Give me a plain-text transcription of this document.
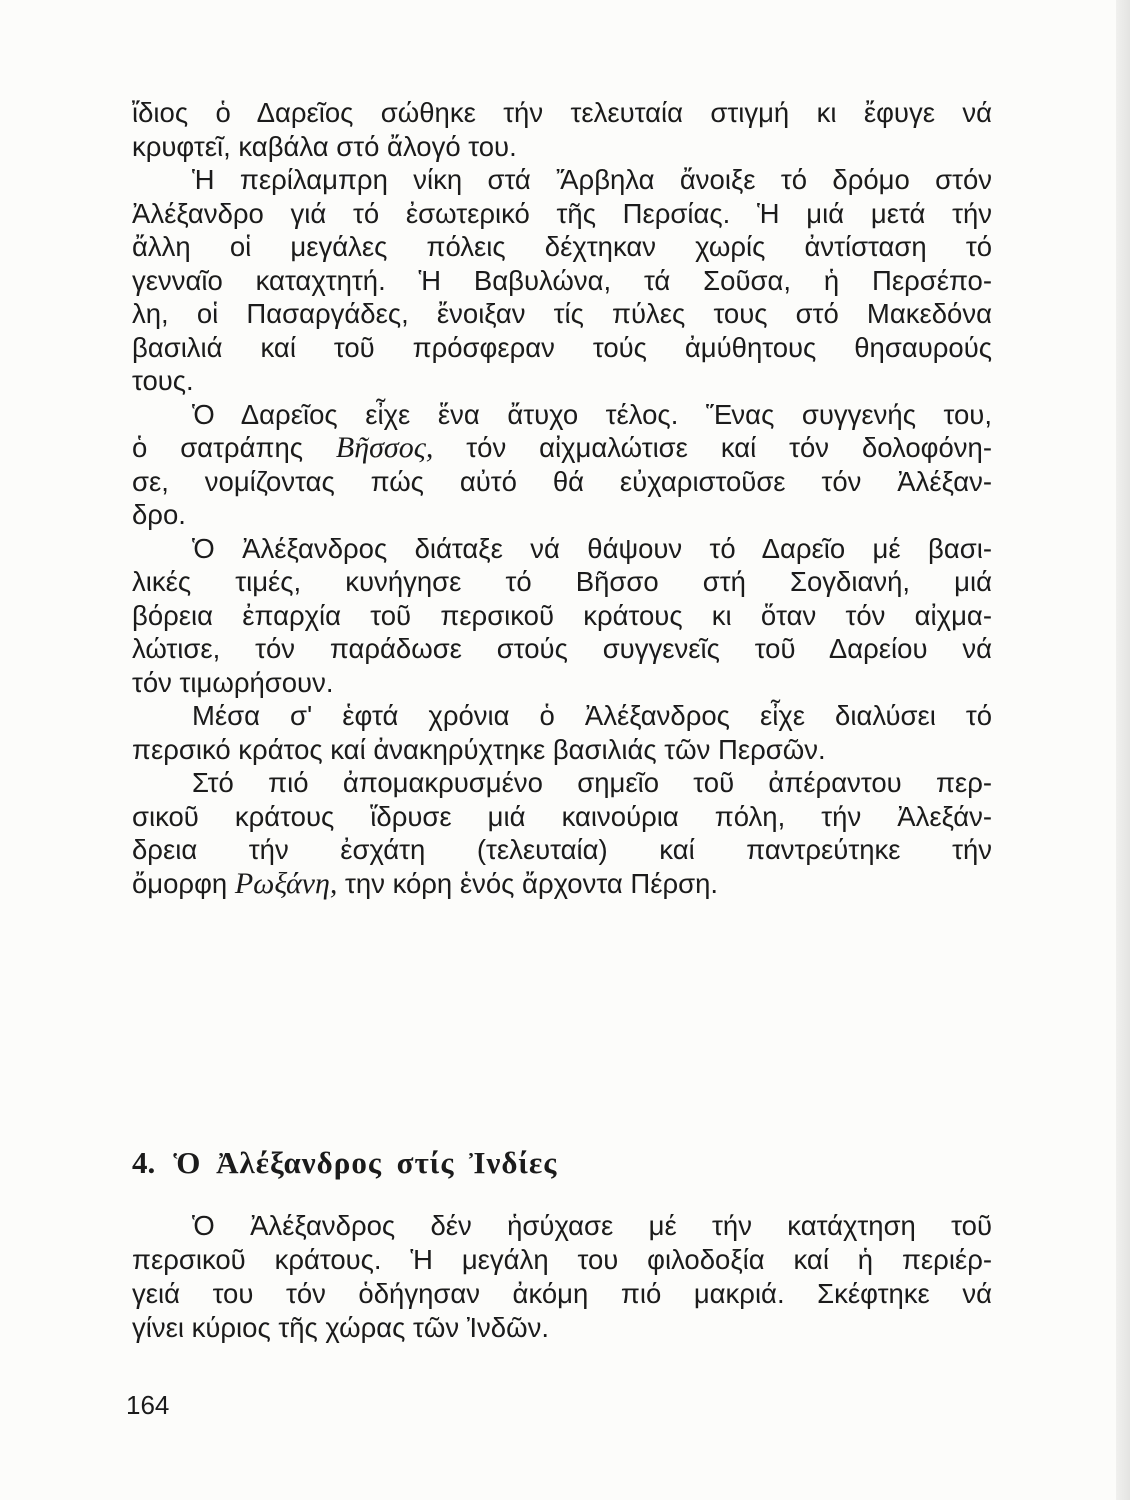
ἴδιος ὁ Δαρεῖος σώθηκε τήν τελευταία στιγμή κι ἔφυγε νά
κρυφτεῖ, καβάλα στό ἄλογό του.
Ἡ περίλαμπρη νίκη στά Ἄρβηλα ἄνοιξε τό δρόμο στόν
Ἀλέξανδρο γιά τό ἐσωτερικό τῆς Περσίας. Ἡ μιά μετά τήν
ἄλλη οἱ μεγάλες πόλεις δέχτηκαν χωρίς ἀντίσταση τό
γενναῖο καταχτητή. Ἡ Βαβυλώνα, τά Σοῦσα, ἡ Περσέπο-
λη, οἱ Πασαργάδες, ἔνοιξαν τίς πύλες τους στό Μακεδόνα
βασιλιά καί τοῦ πρόσφεραν τούς ἀμύθητους θησαυρούς
τους.
Ὁ Δαρεῖος εἶχε ἕνα ἄτυχο τέλος. Ἕνας συγγενής του,
ὁ σατράπης Βῆσσος, τόν αἰχμαλώτισε καί τόν δολοφόνη-
σε, νομίζοντας πώς αὐτό θά εὐχαριστοῦσε τόν Ἀλέξαν-
δρο.
Ὁ Ἀλέξανδρος διάταξε νά θάψουν τό Δαρεῖο μέ βασι-
λικές τιμές, κυνήγησε τό Βῆσσο στή Σογδιανή, μιά
βόρεια ἐπαρχία τοῦ περσικοῦ κράτους κι ὅταν τόν αἰχμα-
λώτισε, τόν παράδωσε στούς συγγενεῖς τοῦ Δαρείου νά
τόν τιμωρήσουν.
Μέσα σ' ἑφτά χρόνια ὁ Ἀλέξανδρος εἶχε διαλύσει τό
περσικό κράτος καί ἀνακηρύχτηκε βασιλιάς τῶν Περσῶν.
Στό πιό ἀπομακρυσμένο σημεῖο τοῦ ἀπέραντου περ-
σικοῦ κράτους ἵδρυσε μιά καινούρια πόλη, τήν Ἀλεξάν-
δρεια τήν ἐσχάτη (τελευταία) καί παντρεύτηκε τήν
ὄμορφη Ρωξάνη, την κόρη ἑνός ἄρχοντα Πέρση.
4. Ὁ Ἀλέξανδρος στίς Ἰνδίες
Ὁ Ἀλέξανδρος δέν ἡσύχασε μέ τήν κατάχτηση τοῦ
περσικοῦ κράτους. Ἡ μεγάλη του φιλοδοξία καί ἡ περιέρ-
γειά του τόν ὁδήγησαν ἀκόμη πιό μακριά. Σκέφτηκε νά
γίνει κύριος τῆς χώρας τῶν Ἰνδῶν.
164
